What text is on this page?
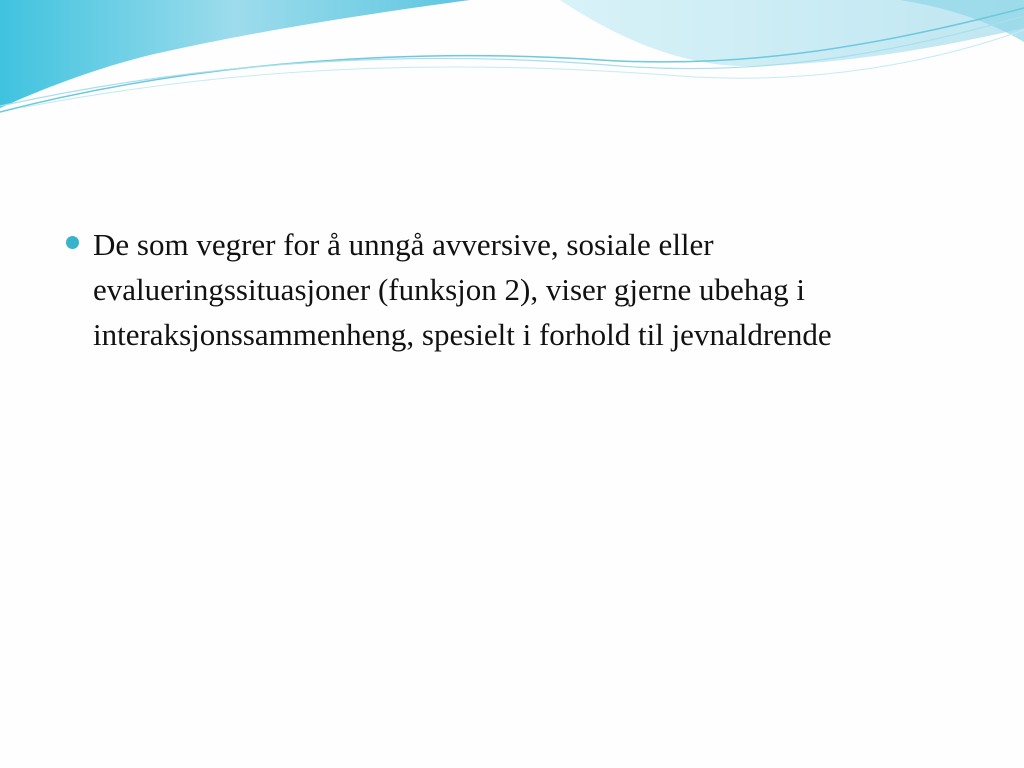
De som vegrer for å unngå avversive, sosiale eller evalueringssituasjoner (funksjon 2), viser gjerne ubehag i interaksjonssammenheng, spesielt i forhold til jevnaldrende
